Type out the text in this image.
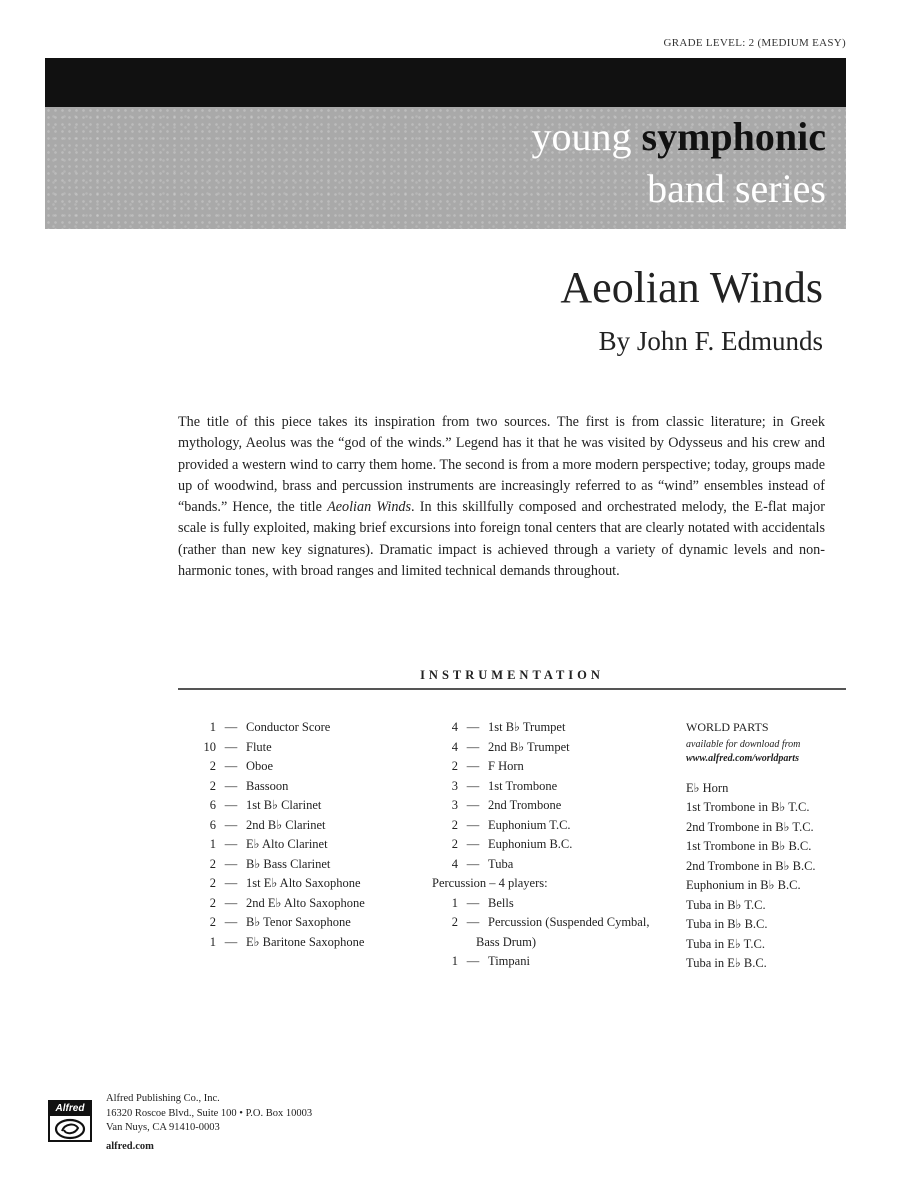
GRADE LEVEL: 2 (MEDIUM EASY)
young symphonic
band series
Aeolian Winds
By John F. Edmunds

The title of this piece takes its inspiration from two sources. The first is from classic literature; in Greek mythology, Aeolus was the “god of the winds.” Legend has it that he was visited by Odysseus and his crew and provided a western wind to carry them home. The second is from a more modern perspective; today, groups made up of woodwind, brass and percussion instruments are increasingly referred to as “wind” ensembles instead of “bands.” Hence, the title Aeolian Winds. In this skillfully composed and orchestrated melody, the E-flat major scale is fully exploited, making brief excursions into foreign tonal centers that are clearly notated with accidentals (rather than new key signatures). Dramatic impact is achieved through a variety of dynamic levels and non-harmonic tones, with broad ranges and limited technical demands throughout.

INSTRUMENTATION
1 — Conductor Score
10 — Flute
2 — Oboe
2 — Bassoon
6 — 1st B♭ Clarinet
6 — 2nd B♭ Clarinet
1 — E♭ Alto Clarinet
2 — B♭ Bass Clarinet
2 — 1st E♭ Alto Saxophone
2 — 2nd E♭ Alto Saxophone
2 — B♭ Tenor Saxophone
1 — E♭ Baritone Saxophone
4 — 1st B♭ Trumpet
4 — 2nd B♭ Trumpet
2 — F Horn
3 — 1st Trombone
3 — 2nd Trombone
2 — Euphonium T.C.
2 — Euphonium B.C.
4 — Tuba
Percussion – 4 players:
1 — Bells
2 — Percussion (Suspended Cymbal,
Bass Drum)
1 — Timpani
WORLD PARTS
available for download from
www.alfred.com/worldparts
E♭ Horn
1st Trombone in B♭ T.C.
2nd Trombone in B♭ T.C.
1st Trombone in B♭ B.C.
2nd Trombone in B♭ B.C.
Euphonium in B♭ B.C.
Tuba in B♭ T.C.
Tuba in B♭ B.C.
Tuba in E♭ T.C.
Tuba in E♭ B.C.
Alfred
Alfred Publishing Co., Inc.
16320 Roscoe Blvd., Suite 100 • P.O. Box 10003
Van Nuys, CA 91410-0003
alfred.com
